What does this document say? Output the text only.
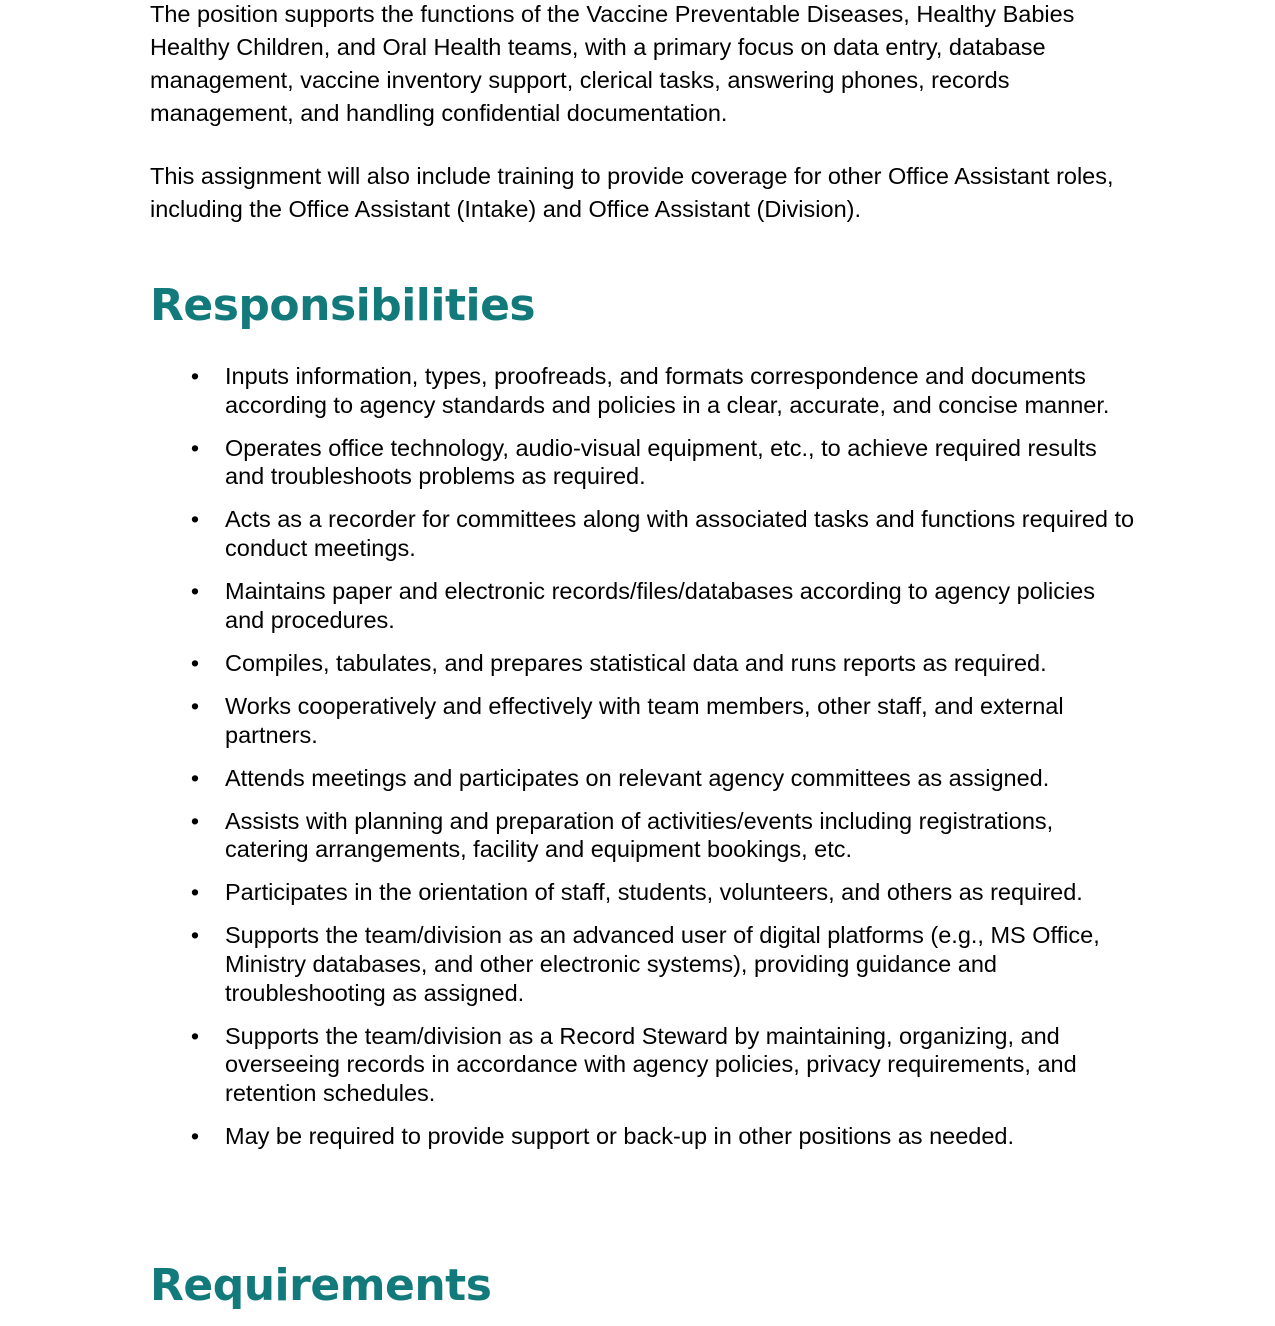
The position supports the functions of the Vaccine Preventable Diseases, Healthy Babies Healthy Children, and Oral Health teams, with a primary focus on data entry, database management, vaccine inventory support, clerical tasks, answering phones, records management, and handling confidential documentation.

This assignment will also include training to provide coverage for other Office Assistant roles, including the Office Assistant (Intake) and Office Assistant (Division).

Responsibilities
• Inputs information, types, proofreads, and formats correspondence and documents according to agency standards and policies in a clear, accurate, and concise manner.
• Operates office technology, audio-visual equipment, etc., to achieve required results and troubleshoots problems as required.
• Acts as a recorder for committees along with associated tasks and functions required to conduct meetings.
• Maintains paper and electronic records/files/databases according to agency policies and procedures.
• Compiles, tabulates, and prepares statistical data and runs reports as required.
• Works cooperatively and effectively with team members, other staff, and external partners.
• Attends meetings and participates on relevant agency committees as assigned.
• Assists with planning and preparation of activities/events including registrations, catering arrangements, facility and equipment bookings, etc.
• Participates in the orientation of staff, students, volunteers, and others as required.
• Supports the team/division as an advanced user of digital platforms (e.g., MS Office, Ministry databases, and other electronic systems), providing guidance and troubleshooting as assigned.
• Supports the team/division as a Record Steward by maintaining, organizing, and overseeing records in accordance with agency policies, privacy requirements, and retention schedules.
• May be required to provide support or back-up in other positions as needed.
Requirements
